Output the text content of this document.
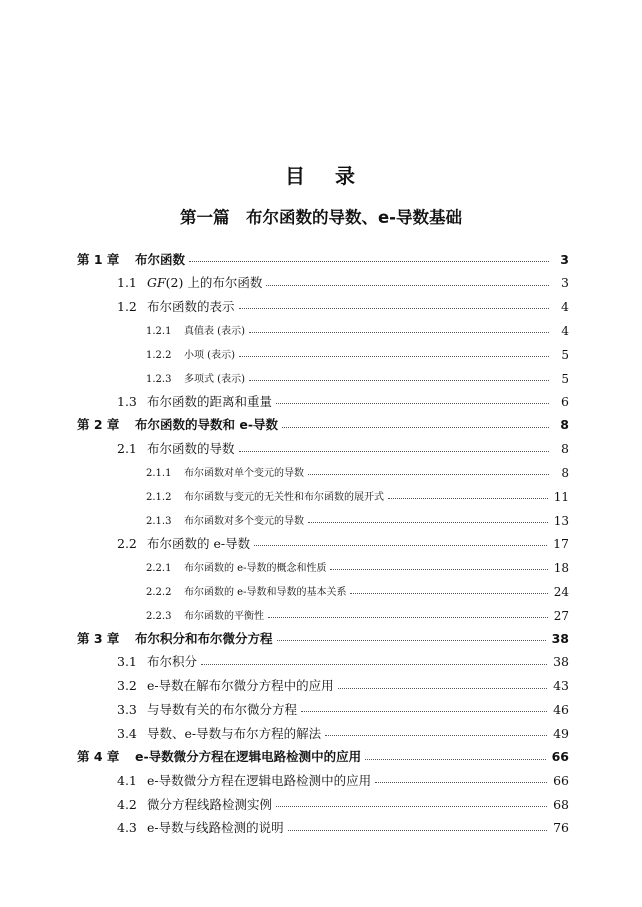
目 录
第一篇　布尔函数的导数、e-导数基础
第 1 章	布尔函数	3
1.1 GF(2) 上的布尔函数	3
1.2 布尔函数的表示	4
1.2.1	真值表 (表示)	4
1.2.2	小项 (表示)	5
1.2.3	多项式 (表示)	5
1.3 布尔函数的距离和重量	6
第 2 章	布尔函数的导数和 e-导数	8
2.1 布尔函数的导数	8
2.1.1	布尔函数对单个变元的导数	8
2.1.2	布尔函数与变元的无关性和布尔函数的展开式	11
2.1.3	布尔函数对多个变元的导数	13
2.2 布尔函数的 e-导数	17
2.2.1	布尔函数的 e-导数的概念和性质	18
2.2.2	布尔函数的 e-导数和导数的基本关系	24
2.2.3	布尔函数的平衡性	27
第 3 章	布尔积分和布尔微分方程	38
3.1 布尔积分	38
3.2 e-导数在解布尔微分方程中的应用	43
3.3 与导数有关的布尔微分方程	46
3.4 导数、e-导数与布尔方程的解法	49
第 4 章	e-导数微分方程在逻辑电路检测中的应用	66
4.1 e-导数微分方程在逻辑电路检测中的应用	66
4.2 微分方程线路检测实例	68
4.3 e-导数与线路检测的说明	76
